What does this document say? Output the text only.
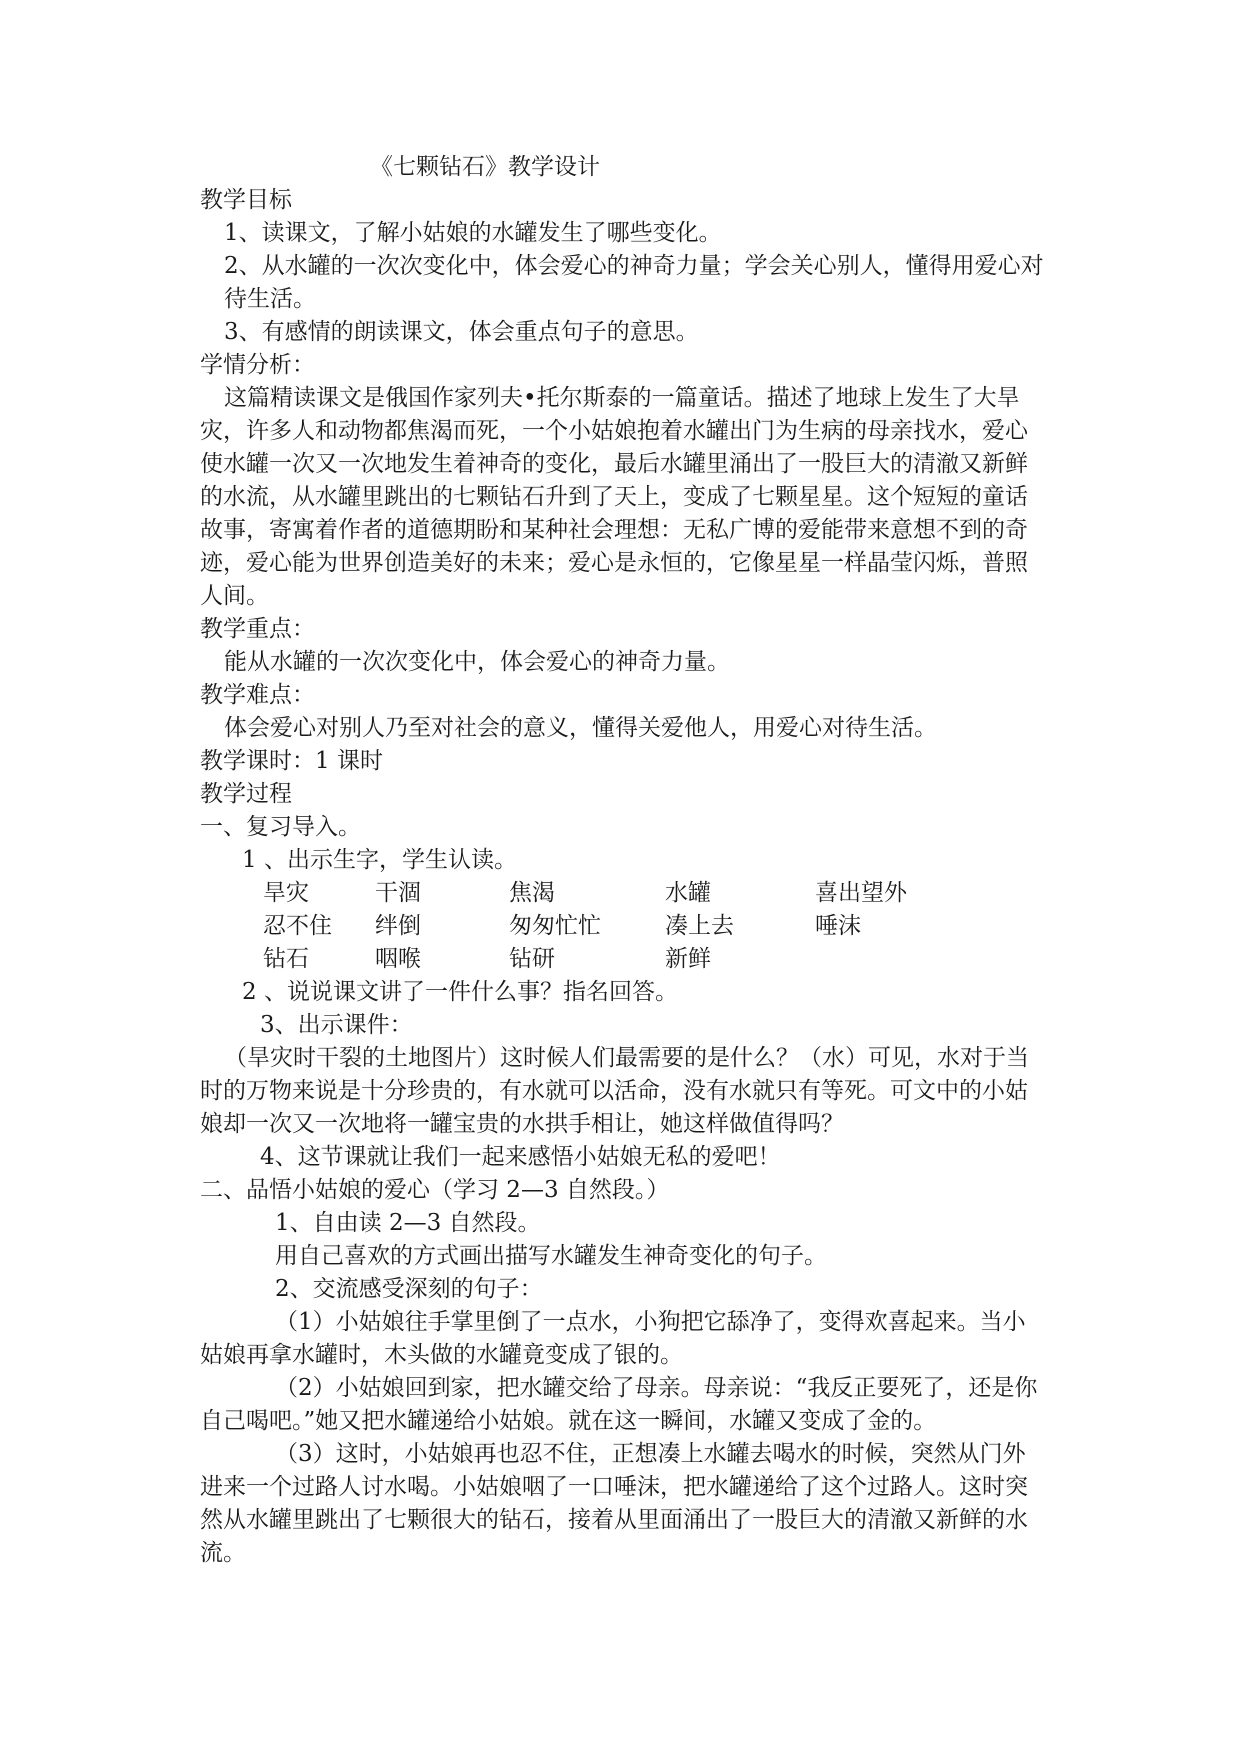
《七颗钻石》教学设计

教学目标

1、读课文，了解小姑娘的水罐发生了哪些变化。

2、从水罐的一次次变化中，体会爱心的神奇力量；学会关心别人，懂得用爱心对待生活。

3、有感情的朗读课文，体会重点句子的意思。

学情分析：

这篇精读课文是俄国作家列夫•托尔斯泰的一篇童话。描述了地球上发生了大旱灾，许多人和动物都焦渴而死，一个小姑娘抱着水罐出门为生病的母亲找水，爱心使水罐一次又一次地发生着神奇的变化，最后水罐里涌出了一股巨大的清澈又新鲜的水流，从水罐里跳出的七颗钻石升到了天上，变成了七颗星星。这个短短的童话故事，寄寓着作者的道德期盼和某种社会理想：无私广博的爱能带来意想不到的奇迹，爱心能为世界创造美好的未来；爱心是永恒的，它像星星一样晶莹闪烁，普照人间。

教学重点：

能从水罐的一次次变化中，体会爱心的神奇力量。

教学难点：

体会爱心对别人乃至对社会的意义，懂得关爱他人，用爱心对待生活。

教学课时：1 课时

教学过程

一、复习导入。

1 、出示生字，学生认读。

旱灾	干涸	焦渴	水罐	喜出望外
忍不住 绊倒	匆匆忙忙	凑上去	唾沫
钻石	咽喉	钻研	新鲜

2 、说说课文讲了一件什么事？指名回答。

3、出示课件：

（旱灾时干裂的土地图片）这时候人们最需要的是什么？（水）可见，水对于当时的万物来说是十分珍贵的，有水就可以活命，没有水就只有等死。可文中的小姑娘却一次又一次地将一罐宝贵的水拱手相让，她这样做值得吗？

4、这节课就让我们一起来感悟小姑娘无私的爱吧！

二、品悟小姑娘的爱心（学习 2—3 自然段。）

1、自由读 2—3 自然段。

用自己喜欢的方式画出描写水罐发生神奇变化的句子。

2、交流感受深刻的句子：

（1）小姑娘往手掌里倒了一点水，小狗把它舔净了，变得欢喜起来。当小姑娘再拿水罐时，木头做的水罐竟变成了银的。

（2）小姑娘回到家，把水罐交给了母亲。母亲说：“我反正要死了，还是你自己喝吧。”她又把水罐递给小姑娘。就在这一瞬间，水罐又变成了金的。

（3）这时，小姑娘再也忍不住，正想凑上水罐去喝水的时候，突然从门外进来一个过路人讨水喝。小姑娘咽了一口唾沫，把水罐递给了这个过路人。这时突然从水罐里跳出了七颗很大的钻石，接着从里面涌出了一股巨大的清澈又新鲜的水流。
